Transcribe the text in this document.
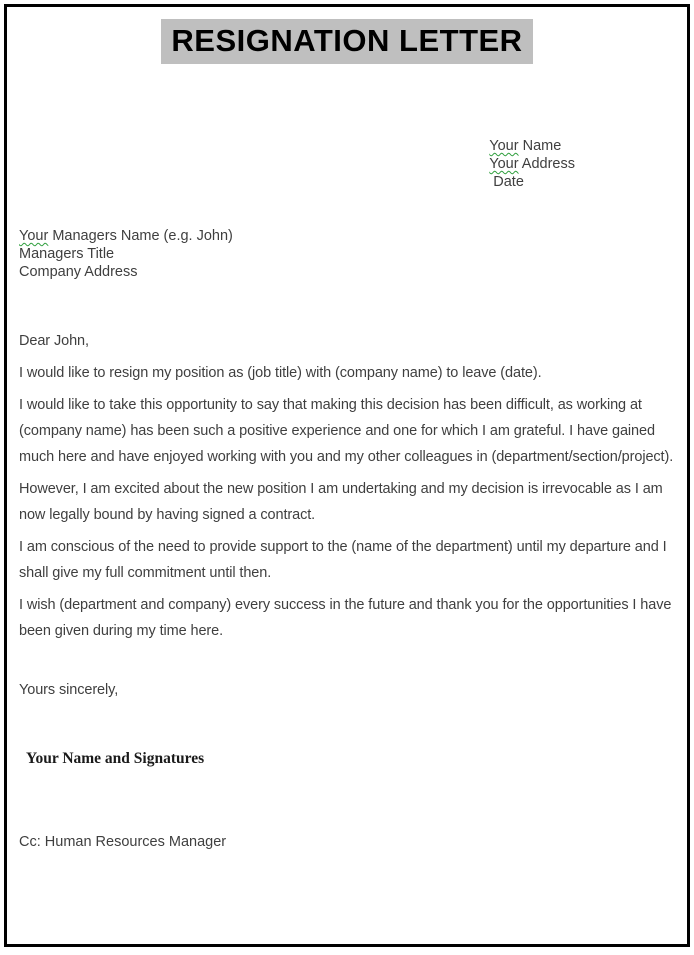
RESIGNATION LETTER
Your Name
Your Address
Date
Your Managers Name (e.g. John)
Managers Title
Company Address
Dear John,
I would like to resign my position as (job title) with (company name) to leave (date).
I would like to take this opportunity to say that making this decision has been difficult, as working at (company name) has been such a positive experience and one for which I am grateful. I have gained much here and have enjoyed working with you and my other colleagues in (department/section/project).
However, I am excited about the new position I am undertaking and my decision is irrevocable as I am now legally bound by having signed a contract.
I am conscious of the need to provide support to the (name of the department) until my departure and I shall give my full commitment until then.
I wish (department and company) every success in the future and thank you for the opportunities I have been given during my time here.
Yours sincerely,
Your Name and Signatures
Cc: Human Resources Manager
